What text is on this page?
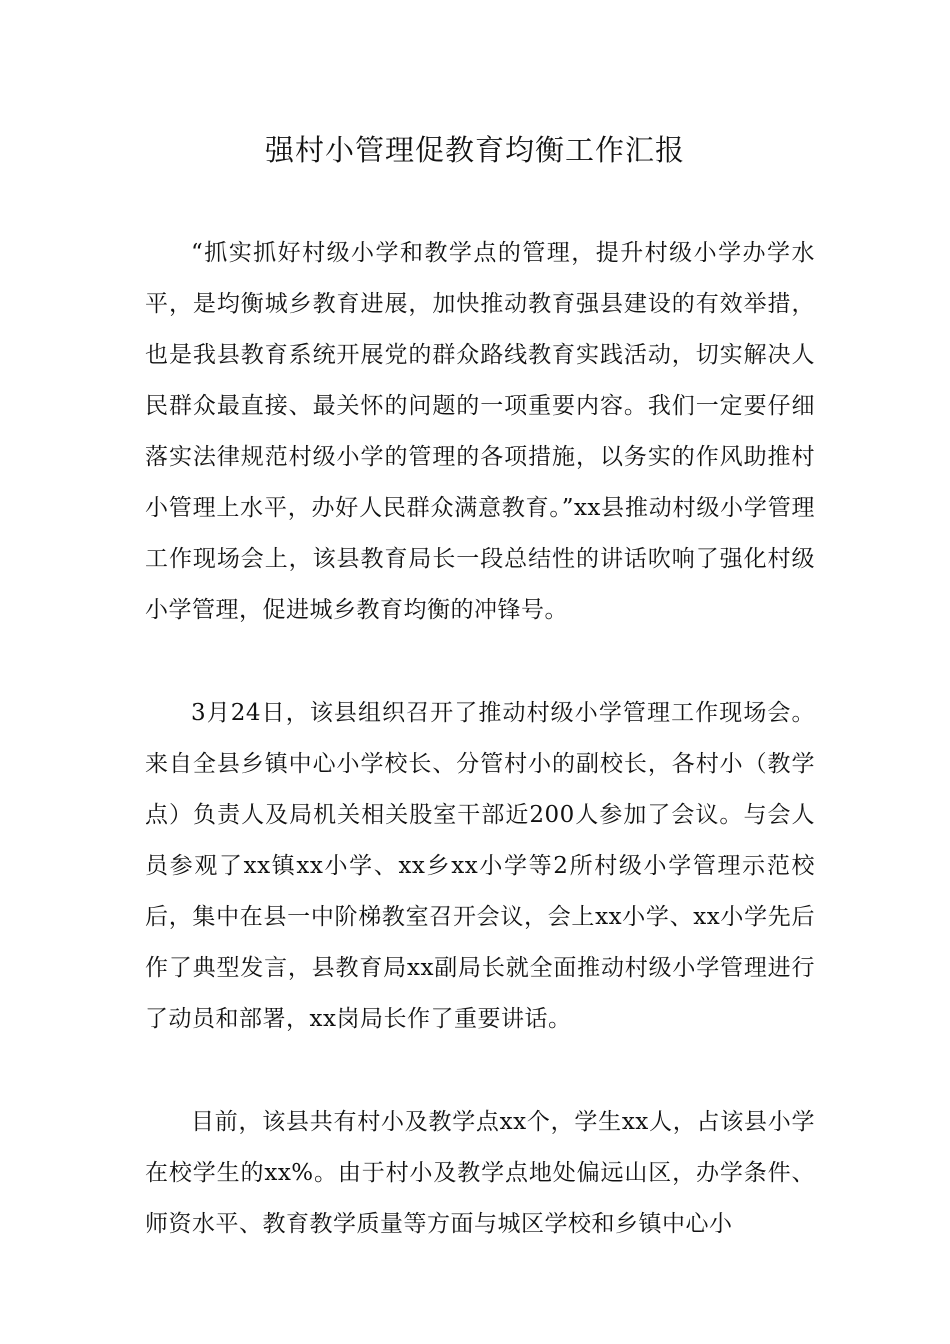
强村小管理促教育均衡工作汇报

“抓实抓好村级小学和教学点的管理，提升村级小学办学水平，是均衡城乡教育进展，加快推动教育强县建设的有效举措，也是我县教育系统开展党的群众路线教育实践活动，切实解决人民群众最直接、最关怀的问题的一项重要内容。我们一定要仔细落实法律规范村级小学的管理的各项措施，以务实的作风助推村小管理上水平，办好人民群众满意教育。”xx县推动村级小学管理工作现场会上，该县教育局长一段总结性的讲话吹响了强化村级小学管理，促进城乡教育均衡的冲锋号。

3月24日，该县组织召开了推动村级小学管理工作现场会。来自全县乡镇中心小学校长、分管村小的副校长，各村小（教学点）负责人及局机关相关股室干部近200人参加了会议。与会人员参观了xx镇xx小学、xx乡xx小学等2所村级小学管理示范校后，集中在县一中阶梯教室召开会议，会上xx小学、xx小学先后作了典型发言，县教育局xx副局长就全面推动村级小学管理进行了动员和部署，xx岗局长作了重要讲话。

目前，该县共有村小及教学点xx个，学生xx人，占该县小学在校学生的xx%。由于村小及教学点地处偏远山区，办学条件、师资水平、教育教学质量等方面与城区学校和乡镇中心小
